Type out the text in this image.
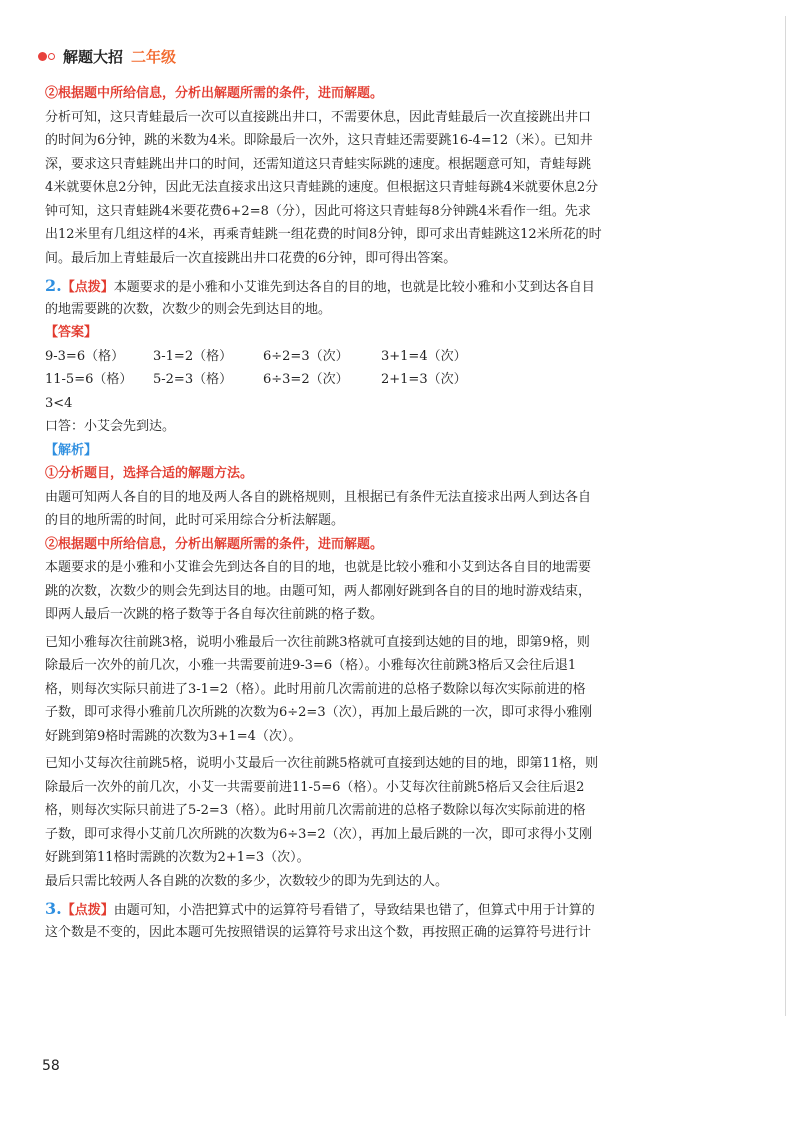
解题大招 二年级
②根据题中所给信息，分析出解题所需的条件，进而解题。
分析可知，这只青蛙最后一次可以直接跳出井口，不需要休息，因此青蛙最后一次直接跳出井口
的时间为6分钟，跳的米数为4米。即除最后一次外，这只青蛙还需要跳16-4=12（米）。已知井
深，要求这只青蛙跳出井口的时间，还需知道这只青蛙实际跳的速度。根据题意可知，青蛙每跳
4米就要休息2分钟，因此无法直接求出这只青蛙跳的速度。但根据这只青蛙每跳4米就要休息2分
钟可知，这只青蛙跳4米要花费6+2=8（分），因此可将这只青蛙每8分钟跳4米看作一组。先求
出12米里有几组这样的4米，再乘青蛙跳一组花费的时间8分钟，即可求出青蛙跳这12米所花的时
间。最后加上青蛙最后一次直接跳出井口花费的6分钟，即可得出答案。
2.【点拨】本题要求的是小雅和小艾谁先到达各自的目的地，也就是比较小雅和小艾到达各自目
的地需要跳的次数，次数少的则会先到达目的地。
【答案】
9-3=6（格） 3-1=2（格） 6÷2=3（次） 3+1=4（次）
11-5=6（格） 5-2=3（格） 6÷3=2（次） 2+1=3（次）
3<4
口答：小艾会先到达。
【解析】
①分析题目，选择合适的解题方法。
由题可知两人各自的目的地及两人各自的跳格规则，且根据已有条件无法直接求出两人到达各自
的目的地所需的时间，此时可采用综合分析法解题。
②根据题中所给信息，分析出解题所需的条件，进而解题。
本题要求的是小雅和小艾谁会先到达各自的目的地，也就是比较小雅和小艾到达各自目的地需要
跳的次数，次数少的则会先到达目的地。由题可知，两人都刚好跳到各自的目的地时游戏结束，
即两人最后一次跳的格子数等于各自每次往前跳的格子数。
已知小雅每次往前跳3格，说明小雅最后一次往前跳3格就可直接到达她的目的地，即第9格，则
除最后一次外的前几次，小雅一共需要前进9-3=6（格）。小雅每次往前跳3格后又会往后退1
格，则每次实际只前进了3-1=2（格）。此时用前几次需前进的总格子数除以每次实际前进的格
子数，即可求得小雅前几次所跳的次数为6÷2=3（次），再加上最后跳的一次，即可求得小雅刚
好跳到第9格时需跳的次数为3+1=4（次）。
已知小艾每次往前跳5格，说明小艾最后一次往前跳5格就可直接到达她的目的地，即第11格，则
除最后一次外的前几次，小艾一共需要前进11-5=6（格）。小艾每次往前跳5格后又会往后退2
格，则每次实际只前进了5-2=3（格）。此时用前几次需前进的总格子数除以每次实际前进的格
子数，即可求得小艾前几次所跳的次数为6÷3=2（次），再加上最后跳的一次，即可求得小艾刚
好跳到第11格时需跳的次数为2+1=3（次）。
最后只需比较两人各自跳的次数的多少，次数较少的即为先到达的人。
3.【点拨】由题可知，小浩把算式中的运算符号看错了，导致结果也错了，但算式中用于计算的
这个数是不变的，因此本题可先按照错误的运算符号求出这个数，再按照正确的运算符号进行计
58
